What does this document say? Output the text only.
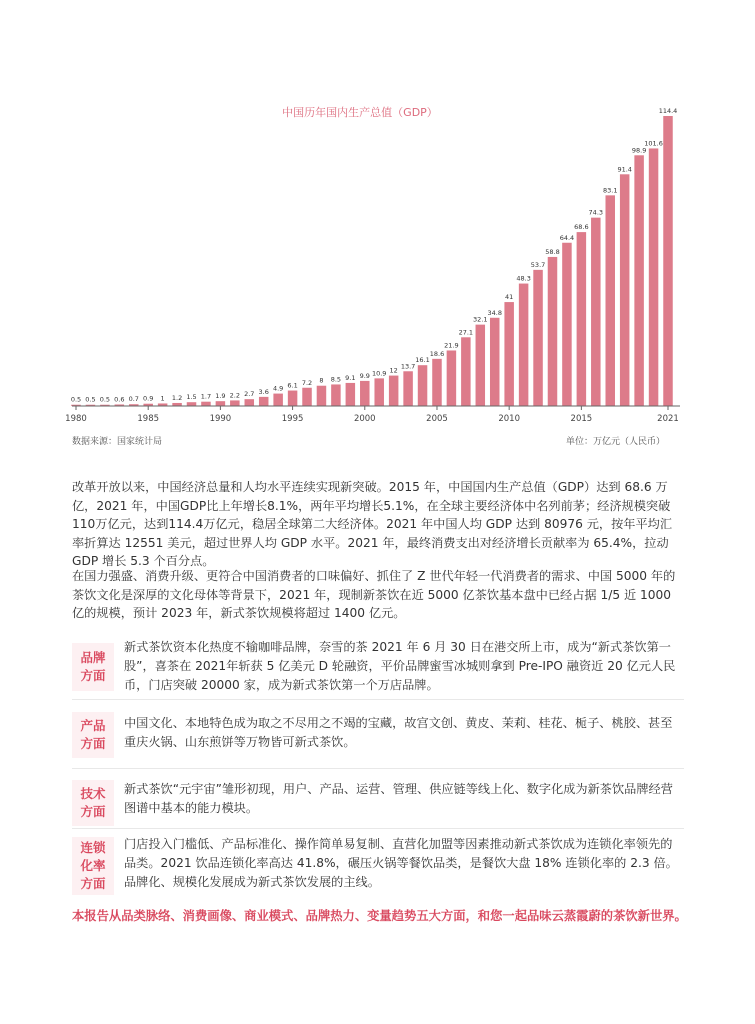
中国历年国内生产总值（GDP）
0.5 0.5 0.5 0.6 0.7 0.9 1 1.2 1.5 1.7 1.9 2.2 2.7 3.6 4.9 6.1 7.2 8 8.5 9.1 9.9 10.9 12
13.7
16.1
18.6
21.9
27.1
32.1
34.8
41
48.3
53.7
58.8
64.4
68.6
74.3
83.1
91.4
98.9
101.6
114.4
1980	1985	1990	1995	2000	2005	2010	2015	2021
数据来源：国家统计局	单位：万亿元（人民币）

改革开放以来，中国经济总量和人均水平连续实现新突破。2015 年，中国国内生产总值（GDP）达到 68.6 万亿，2021 年，中国GDP比上年增长8.1%，两年平均增长5.1%，在全球主要经济体中名列前茅；经济规模突破110万亿元，达到114.4万亿元，稳居全球第二大经济体。2021 年中国人均 GDP 达到 80976 元，按年平均汇率折算达 12551 美元，超过世界人均 GDP 水平。2021 年，最终消费支出对经济增长贡献率为 65.4%，拉动 GDP 增长 5.3 个百分点。

在国力强盛、消费升级、更符合中国消费者的口味偏好、抓住了 Z 世代年轻一代消费者的需求、中国 5000 年的茶饮文化是深厚的文化母体等背景下，2021 年，现制新茶饮在近 5000 亿茶饮基本盘中已经占据 1/5 近 1000 亿的规模，预计 2023 年，新式茶饮规模将超过 1400 亿元。

品牌
方面
新式茶饮资本化热度不输咖啡品牌，奈雪的茶 2021 年 6 月 30 日在港交所上市，成为“新式茶饮第一股”，喜茶在 2021年斩获 5 亿美元 D 轮融资，平价品牌蜜雪冰城则拿到 Pre-IPO 融资近 20 亿元人民币，门店突破 20000 家，成为新式茶饮第一个万店品牌。
产品
方面
中国文化、本地特色成为取之不尽用之不竭的宝藏，故宫文创、黄皮、茉莉、桂花、栀子、桃胶、甚至重庆火锅、山东煎饼等万物皆可新式茶饮。
技术
方面
新式茶饮“元宇宙”雏形初现，用户、产品、运营、管理、供应链等线上化、数字化成为新茶饮品牌经营图谱中基本的能力模块。
连锁
化率
方面
门店投入门槛低、产品标准化、操作简单易复制、直营化加盟等因素推动新式茶饮成为连锁化率领先的品类。2021 饮品连锁化率高达 41.8%，碾压火锅等餐饮品类，是餐饮大盘 18% 连锁化率的 2.3 倍。品牌化、规模化发展成为新式茶饮发展的主线。

本报告从品类脉络、消费画像、商业模式、品牌热力、变量趋势五大方面，和您一起品味云蒸霞蔚的茶饮新世界。
